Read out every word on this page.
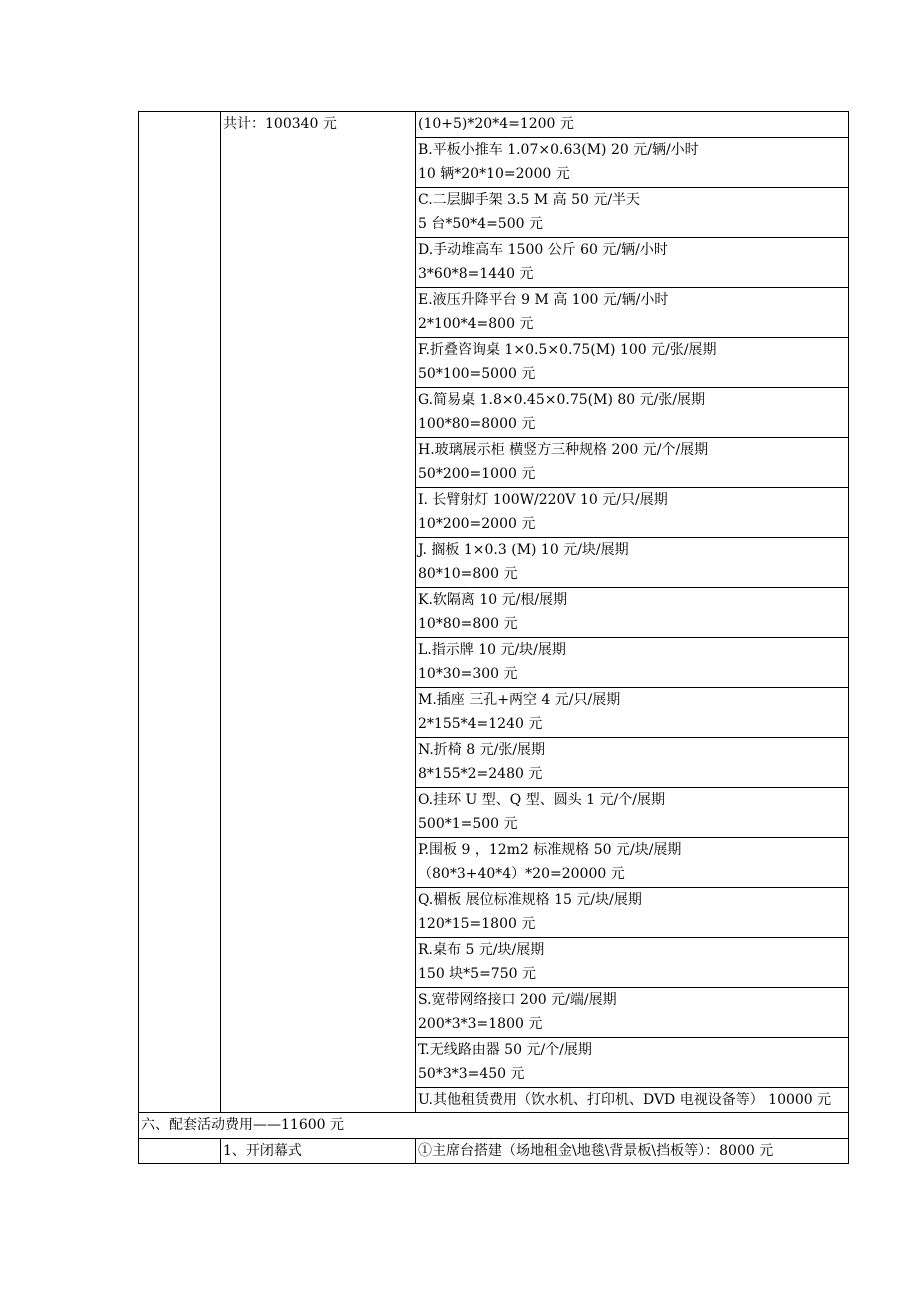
	共计：100340 元	(10+5)*20*4=1200 元

		B.平板小推车 1.07×0.63(M) 20 元/辆/小时
10 辆*20*10=2000 元

		C.二层脚手架 3.5 M 高 50 元/半天
5 台*50*4=500 元

		D.手动堆高车 1500 公斤 60 元/辆/小时
3*60*8=1440 元

		E.液压升降平台 9 M 高 100 元/辆/小时
2*100*4=800 元

		F.折叠咨询桌 1×0.5×0.75(M) 100 元/张/展期
50*100=5000 元

		G.简易桌 1.8×0.45×0.75(M) 80 元/张/展期
100*80=8000 元

		H.玻璃展示柜 横竖方三种规格 200 元/个/展期
50*200=1000 元

		I. 长臂射灯 100W/220V 10 元/只/展期
10*200=2000 元

		J. 搁板 1×0.3 (M) 10 元/块/展期
80*10=800 元

		K.软隔离 10 元/根/展期
10*80=800 元

		L.指示牌 10 元/块/展期
10*30=300 元

		M.插座 三孔+两空 4 元/只/展期
2*155*4=1240 元

		N.折椅 8 元/张/展期
8*155*2=2480 元

		O.挂环 U 型、Q 型、圆头 1 元/个/展期
500*1=500 元

		P.围板 9 ，12m2 标准规格 50 元/块/展期
（80*3+40*4）*20=20000 元

		Q.楣板 展位标准规格 15 元/块/展期
120*15=1800 元

		R.桌布 5 元/块/展期
150 块*5=750 元

		S.宽带网络接口 200 元/端/展期
200*3*3=1800 元

		T.无线路由器 50 元/个/展期
50*3*3=450 元

		U.其他租赁费用（饮水机、打印机、DVD 电视设备等） 10000 元

六、配套活动费用——11600 元		

	1、开闭幕式	①主席台搭建（场地租金\地毯\背景板\挡板等）：8000 元
